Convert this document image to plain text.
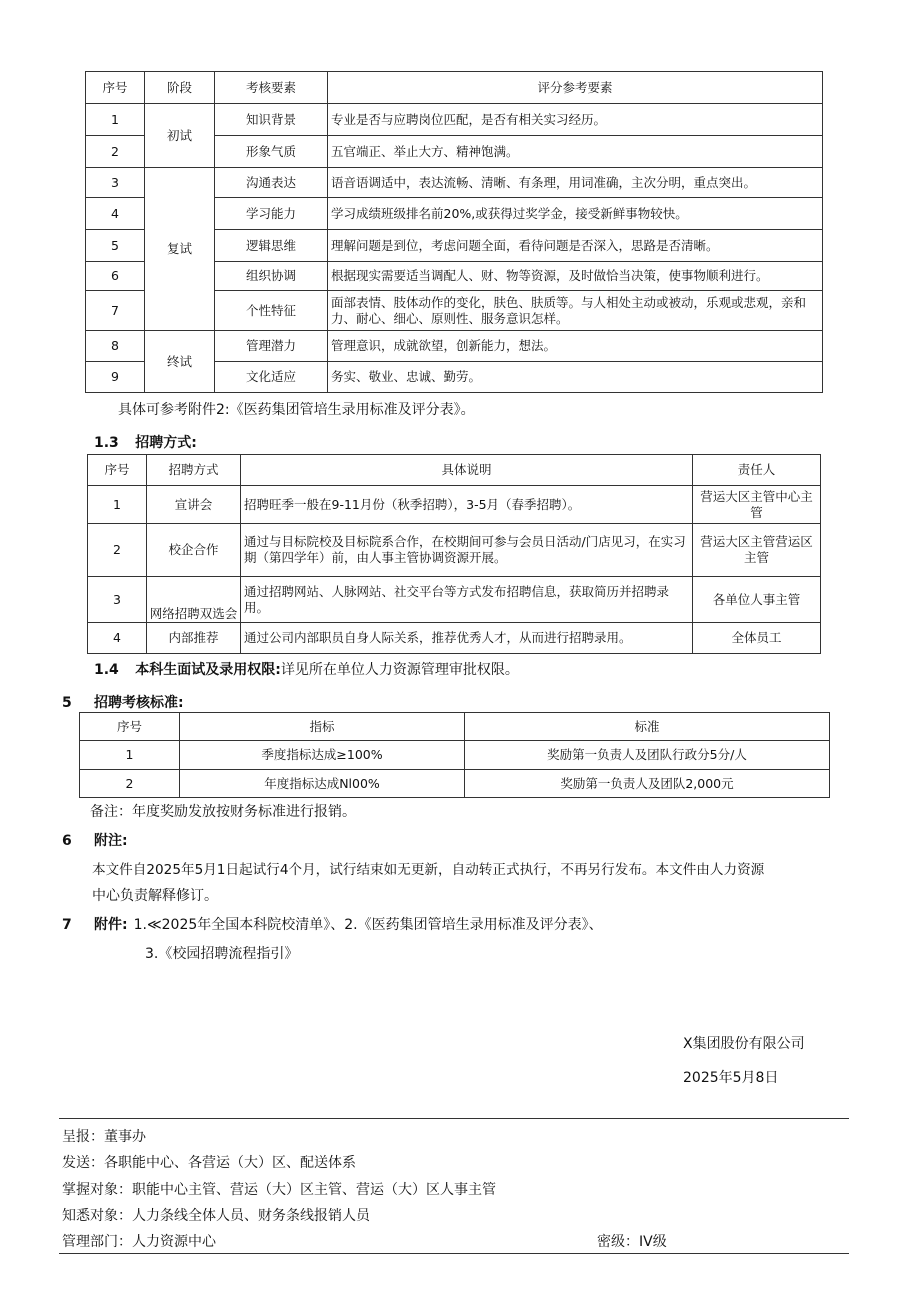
序号	阶段	考核要素	评分参考要素
1	初试	知识背景	专业是否与应聘岗位匹配，是否有相关实习经历。
2		形象气质	五官端正、举止大方、精神饱满。
3	复试	沟通表达	语音语调适中，表达流畅、清晰、有条理，用词准确，主次分明，重点突出。
4		学习能力	学习成绩班级排名前20%,或获得过奖学金，接受新鲜事物较快。
5		逻辑思维	理解问题是到位，考虑问题全面，看待问题是否深入，思路是否清晰。
6		组织协调	根据现实需要适当调配人、财、物等资源，及时做恰当决策，使事物顺利进行。
7		个性特征	面部表情、肢体动作的变化，肤色、肤质等。与人相处主动或被动，乐观或悲观，亲和力、耐心、细心、原则性、服务意识怎样。
8	终试	管理潜力	管理意识，成就欲望，创新能力，想法。
9		文化适应	务实、敬业、忠诚、勤劳。
具体可参考附件2:《医药集团管培生录用标准及评分表》。
1.3 招聘方式:
序号	招聘方式	具体说明	责任人
1	宣讲会	招聘旺季一般在9-11月份（秋季招聘），3-5月（春季招聘）。	营运大区主管中心主管
2	校企合作	通过与目标院校及目标院系合作，在校期间可参与会员日活动/门店见习，在实习期（第四学年）前，由人事主管协调资源开展。	营运大区主管营运区主管
3	网络招聘双选会	通过招聘网站、人脉网站、社交平台等方式发布招聘信息，获取简历并招聘录用。	各单位人事主管
4	内部推荐	通过公司内部职员自身人际关系，推荐优秀人才，从而进行招聘录用。	全体员工
1.4 本科生面试及录用权限:详见所在单位人力资源管理审批权限。
5 招聘考核标准:
序号	指标	标准
1	季度指标达成≥100%	奖励第一负责人及团队行政分5分/人
2	年度指标达成Nl00%	奖励第一负责人及团队2,000元
备注：年度奖励发放按财务标准进行报销。
6 附注:
本文件自2025年5月1日起试行4个月，试行结束如无更新，自动转正式执行，不再另行发布。本文件由人力资源
中心负责解释修订。
7 附件: 1.≪2025年全国本科院校清单》、2.《医药集团管培生录用标准及评分表》、
3.《校园招聘流程指引》
X集团股份有限公司
2025年5月8日
呈报：董事办
发送：各职能中心、各营运（大）区、配送体系
掌握对象：职能中心主管、营运（大）区主管、营运（大）区人事主管
知悉对象：人力条线全体人员、财务条线报销人员
管理部门：人力资源中心	密级：IV级
